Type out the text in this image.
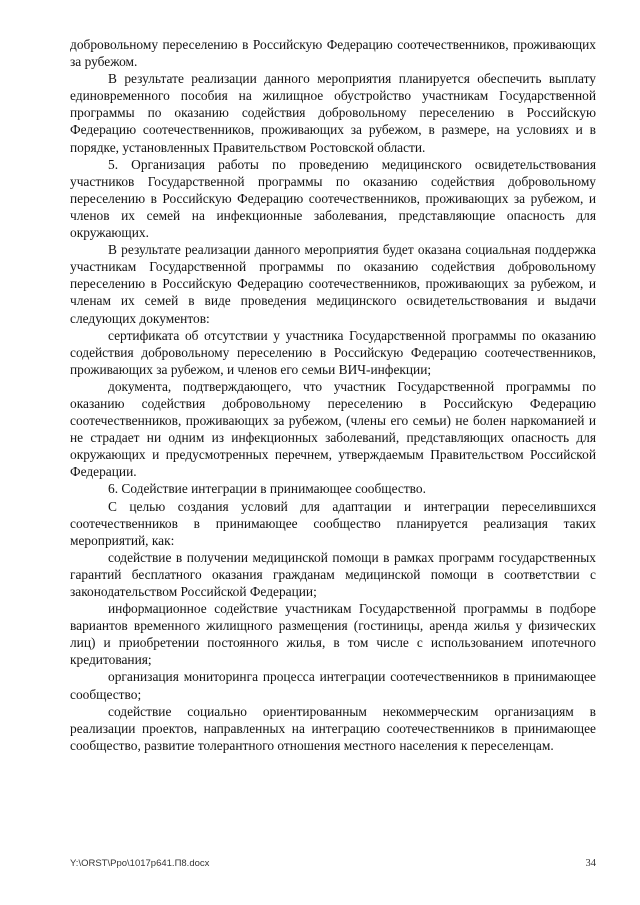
добровольному переселению в Российскую Федерацию соотечественников, проживающих за рубежом.

В результате реализации данного мероприятия планируется обеспечить выплату единовременного пособия на жилищное обустройство участникам Государственной программы по оказанию содействия добровольному переселению в Российскую Федерацию соотечественников, проживающих за рубежом, в размере, на условиях и в порядке, установленных Правительством Ростовской области.

5. Организация работы по проведению медицинского освидетельствования участников Государственной программы по оказанию содействия добровольному переселению в Российскую Федерацию соотечественников, проживающих за рубежом, и членов их семей на инфекционные заболевания, представляющие опасность для окружающих.

В результате реализации данного мероприятия будет оказана социальная поддержка участникам Государственной программы по оказанию содействия добровольному переселению в Российскую Федерацию соотечественников, проживающих за рубежом, и членам их семей в виде проведения медицинского освидетельствования и выдачи следующих документов:

сертификата об отсутствии у участника Государственной программы по оказанию содействия добровольному переселению в Российскую Федерацию соотечественников, проживающих за рубежом, и членов его семьи ВИЧ-инфекции;

документа, подтверждающего, что участник Государственной программы по оказанию содействия добровольному переселению в Российскую Федерацию соотечественников, проживающих за рубежом, (члены его семьи) не болен наркоманией и не страдает ни одним из инфекционных заболеваний, представляющих опасность для окружающих и предусмотренных перечнем, утверждаемым Правительством Российской Федерации.

6. Содействие интеграции в принимающее сообщество.

С целью создания условий для адаптации и интеграции переселившихся соотечественников в принимающее сообщество планируется реализация таких мероприятий, как:

содействие в получении медицинской помощи в рамках программ государственных гарантий бесплатного оказания гражданам медицинской помощи в соответствии с законодательством Российской Федерации;

информационное содействие участникам Государственной программы в подборе вариантов временного жилищного размещения (гостиницы, аренда жилья у физических лиц) и приобретении постоянного жилья, в том числе с использованием ипотечного кредитования;

организация мониторинга процесса интеграции соотечественников в принимающее сообщество;

содействие социально ориентированным некоммерческим организациям в реализации проектов, направленных на интеграцию соотечественников в принимающее сообщество, развитие толерантного отношения местного населения к переселенцам.

Y:\ORST\Ppo\1017p641.П8.docx	34
